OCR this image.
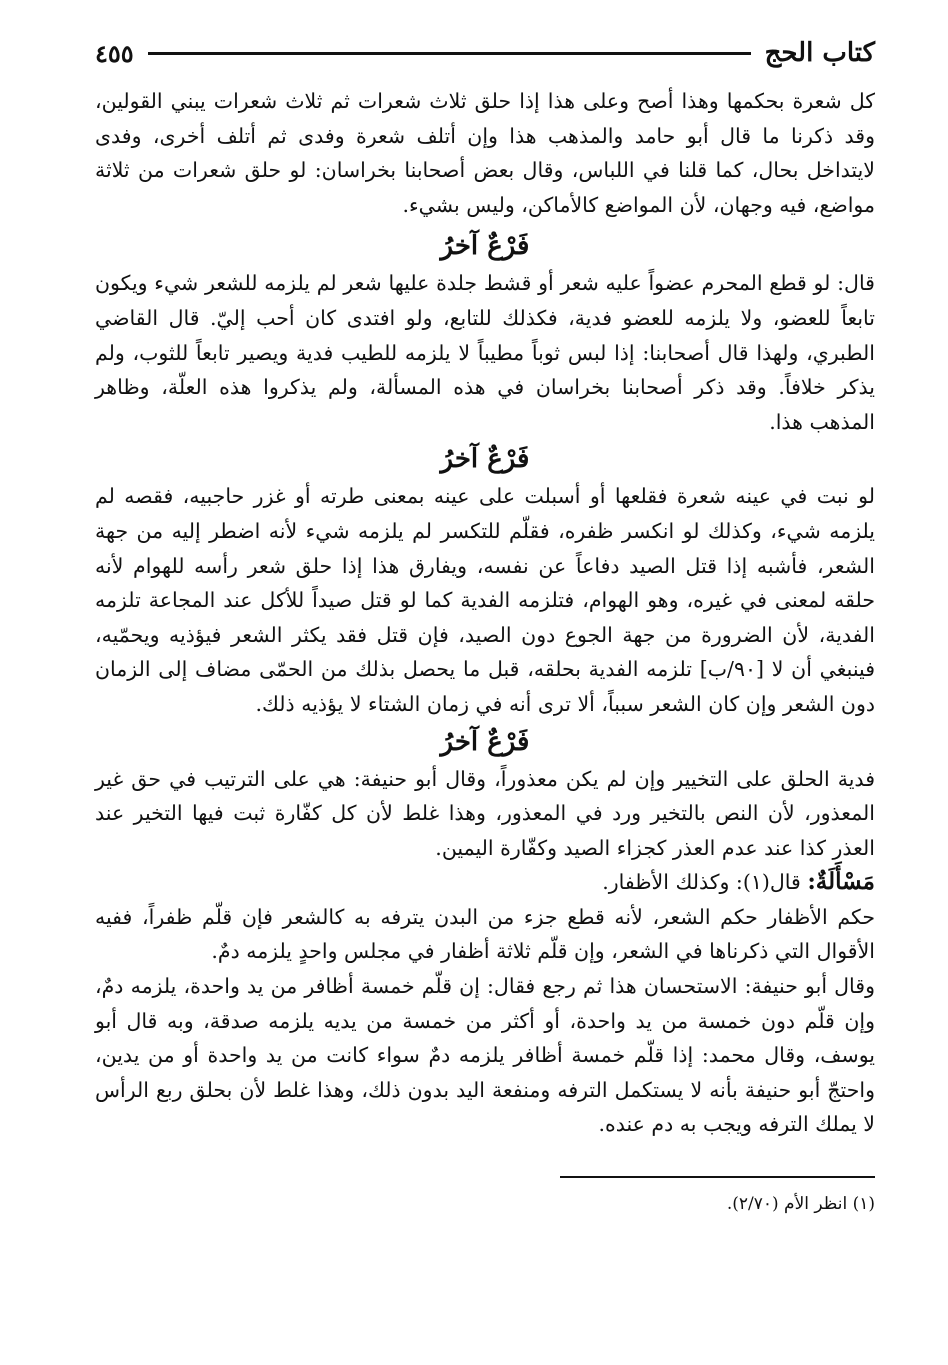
كتاب الحج
٤٥٥

كل شعرة بحكمها وهذا أصح وعلى هذا إذا حلق ثلاث شعرات ثم ثلاث شعرات يبني القولين، وقد ذكرنا ما قال أبو حامد والمذهب هذا وإن أتلف شعرة وفدى ثم أتلف أخرى، وفدى لايتداخل بحال، كما قلنا في اللباس، وقال بعض أصحابنا بخراسان: لو حلق شعرات من ثلاثة مواضع، فيه وجهان، لأن المواضع كالأماكن، وليس بشيء.

فَرْعٌ آخرُ

قال: لو قطع المحرم عضواً عليه شعر أو قشط جلدة عليها شعر لم يلزمه للشعر شيء ويكون تابعاً للعضو، ولا يلزمه للعضو فدية، فكذلك للتابع، ولو افتدى كان أحب إليّ. قال القاضي الطبري، ولهذا قال أصحابنا: إذا لبس ثوباً مطيباً لا يلزمه للطيب فدية ويصير تابعاً للثوب، ولم يذكر خلافاً. وقد ذكر أصحابنا بخراسان في هذه المسألة، ولم يذكروا هذه العلّة، وظاهر المذهب هذا.

فَرْعٌ آخرُ

لو نبت في عينه شعرة فقلعها أو أسبلت على عينه بمعنى طرته أو غزر حاجبيه، فقصه لم يلزمه شيء، وكذلك لو انكسر ظفره، فقلّم للتكسر لم يلزمه شيء لأنه اضطر إليه من جهة الشعر، فأشبه إذا قتل الصيد دفاعاً عن نفسه، ويفارق هذا إذا حلق شعر رأسه للهوام لأنه حلقه لمعنى في غيره، وهو الهوام، فتلزمه الفدية كما لو قتل صيداً للأكل عند المجاعة تلزمه الفدية، لأن الضرورة من جهة الجوع دون الصيد، فإن قتل فقد يكثر الشعر فيؤذيه ويحمّيه، فينبغي أن لا [٩٠/ب] تلزمه الفدية بحلقه، قبل ما يحصل بذلك من الحمّى مضاف إلى الزمان دون الشعر وإن كان الشعر سبباً، ألا ترى أنه في زمان الشتاء لا يؤذيه ذلك.

فَرْعٌ آخرُ

فدية الحلق على التخيير وإن لم يكن معذوراً، وقال أبو حنيفة: هي على الترتيب في حق غير المعذور، لأن النص بالتخير ورد في المعذور، وهذا غلط لأن كل كفّارة ثبت فيها التخير عند العذر كذا عند عدم العذر كجزاء الصيد وكفّارة اليمين.

مَسْأَلَةٌ: قال(١): وكذلك الأظفار.

حكم الأظفار حكم الشعر، لأنه قطع جزء من البدن يترفه به كالشعر فإن قلّم ظفراً، ففيه الأقوال التي ذكرناها في الشعر، وإن قلّم ثلاثة أظفار في مجلس واحدٍ يلزمه دمٌ.

وقال أبو حنيفة: الاستحسان هذا ثم رجع فقال: إن قلّم خمسة أظافر من يد واحدة، يلزمه دمٌ، وإن قلّم دون خمسة من يد واحدة، أو أكثر من خمسة من يديه يلزمه صدقة، وبه قال أبو يوسف، وقال محمد: إذا قلّم خمسة أظافر يلزمه دمٌ سواء كانت من يد واحدة أو من يدين، واحتجّ أبو حنيفة بأنه لا يستكمل الترفه ومنفعة اليد بدون ذلك، وهذا غلط لأن بحلق ربع الرأس لا يملك الترفه ويجب به دم عنده.

(١) انظر الأم (٢/٧٠).
